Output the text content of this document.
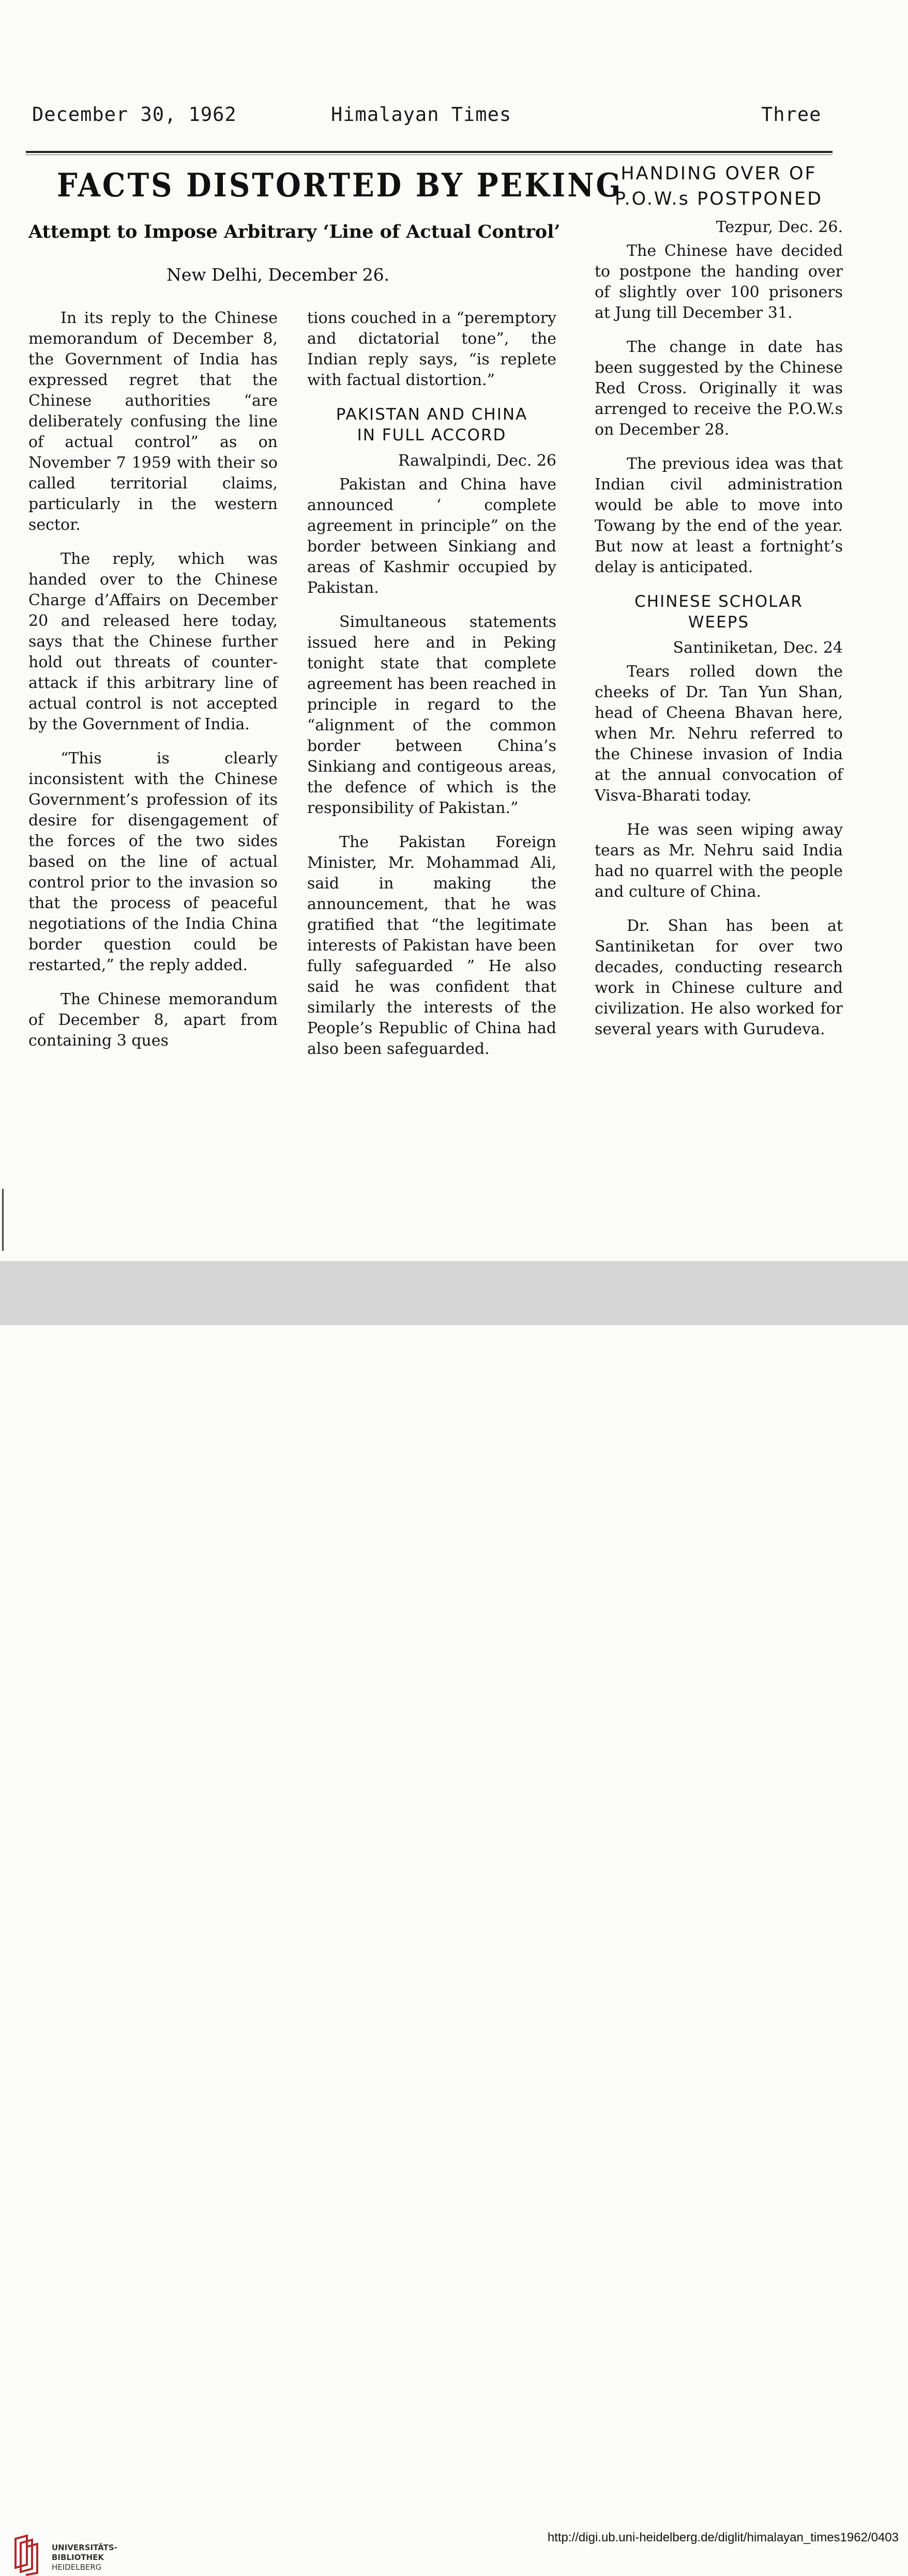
December 30, 1962	Himalayan Times	Three
FACTS DISTORTED BY PEKING
Attempt to Impose Arbitrary ‘Line of Actual Control’
New Delhi, December 26.

In its reply to the Chinese memorandum of December 8, the Government of India has expressed regret that the Chinese authorities “are deliberately confusing the line of actual control” as on November 7 1959 with their so called territorial claims, particularly in the western sector.

The reply, which was handed over to the Chinese Charge d’Affairs on December 20 and released here today, says that the Chinese further hold out threats of counter-attack if this arbitrary line of actual control is not accepted by the Government of India.

“This is clearly inconsistent with the Chinese Government’s profession of its desire for disengagement of the forces of the two sides based on the line of actual control prior to the invasion so that the process of peaceful negotiations of the India China border question could be restarted,” the reply added.

The Chinese memorandum of December 8, apart from containing 3 ques

tions couched in a “peremptory and dictatorial tone”, the Indian reply says, “is replete with factual distortion.”

PAKISTAN AND CHINA
IN FULL ACCORD
Rawalpindi, Dec. 26

Pakistan and China have announced ‘ complete agreement in principle” on the border between Sinkiang and areas of Kashmir occupied by Pakistan.

Simultaneous statements issued here and in Peking tonight state that complete agreement has been reached in principle in regard to the “alignment of the common border between China’s Sinkiang and contigeous areas, the defence of which is the responsibility of Pakistan.”

The Pakistan Foreign Minister, Mr. Mohammad Ali, said in making the announcement, that he was gratified that “the legitimate interests of Pakistan have been fully safeguarded ” He also said he was confident that similarly the interests of the People’s Republic of China had also been safeguarded.

HANDING OVER OF
P.O.W.s POSTPONED
Tezpur, Dec. 26.

The Chinese have decided to postpone the handing over of slightly over 100 prisoners at Jung till December 31.

The change in date has been suggested by the Chinese Red Cross. Originally it was arrenged to receive the P.O.W.s on December 28.

The previous idea was that Indian civil administration would be able to move into Towang by the end of the year. But now at least a fortnight’s delay is anticipated.

CHINESE SCHOLAR
WEEPS
Santiniketan, Dec. 24

Tears rolled down the cheeks of Dr. Tan Yun Shan, head of Cheena Bhavan here, when Mr. Nehru referred to the Chinese invasion of India at the annual convocation of Visva-Bharati today.

He was seen wiping away tears as Mr. Nehru said India had no quarrel with the people and culture of China.

Dr. Shan has been at Santiniketan for over two decades, conducting research work in Chinese culture and civilization. He also worked for several years with Gurudeva.

UNIVERSITÄTS-
BIBLIOTHEK
HEIDELBERG
http://digi.ub.uni-heidelberg.de/diglit/himalayan_times1962/0403
